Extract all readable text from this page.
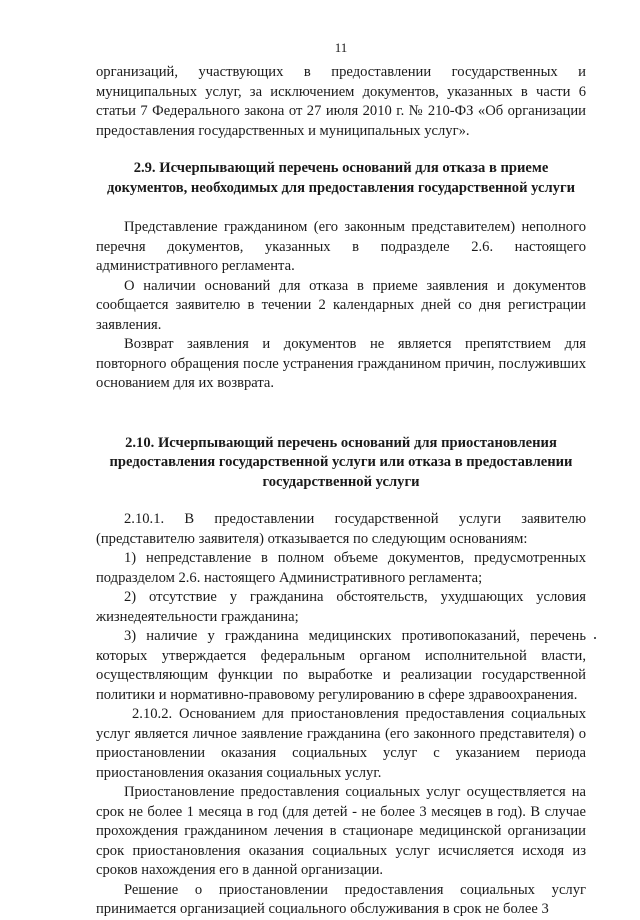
11

организаций, участвующих в предоставлении государственных и муниципальных услуг, за исключением документов, указанных в части 6 статьи 7 Федерального закона от 27 июля 2010 г. № 210-ФЗ «Об организации предоставления государственных и муниципальных услуг».

2.9. Исчерпывающий перечень оснований для отказа в приеме документов, необходимых для предоставления государственной услуги

Представление гражданином (его законным представителем) неполного перечня документов, указанных в подразделе 2.6. настоящего административного регламента.

О наличии оснований для отказа в приеме заявления и документов сообщается заявителю в течении 2 календарных дней со дня регистрации заявления.

Возврат заявления и документов не является препятствием для повторного обращения после устранения гражданином причин, послуживших основанием для их возврата.

2.10. Исчерпывающий перечень оснований для приостановления предоставления государственной услуги или отказа в предоставлении государственной услуги

2.10.1. В предоставлении государственной услуги заявителю (представителю заявителя) отказывается по следующим основаниям:

1) непредставление в полном объеме документов, предусмотренных подразделом 2.6. настоящего Административного регламента;

2) отсутствие у гражданина обстоятельств, ухудшающих условия жизнедеятельности гражданина;

3) наличие у гражданина медицинских противопоказаний, перечень которых утверждается федеральным органом исполнительной власти, осуществляющим функции по выработке и реализации государственной политики и нормативно-правовому регулированию в сфере здравоохранения.

2.10.2. Основанием для приостановления предоставления социальных услуг является личное заявление гражданина (его законного представителя) о приостановлении оказания социальных услуг с указанием периода приостановления оказания социальных услуг.

Приостановление предоставления социальных услуг осуществляется на срок не более 1 месяца в год (для детей - не более 3 месяцев в год). В случае прохождения гражданином лечения в стационаре медицинской организации срок приостановления оказания социальных услуг исчисляется исходя из сроков нахождения его в данной организации.

Решение о приостановлении предоставления социальных услуг принимается организацией социального обслуживания в срок не более 3
